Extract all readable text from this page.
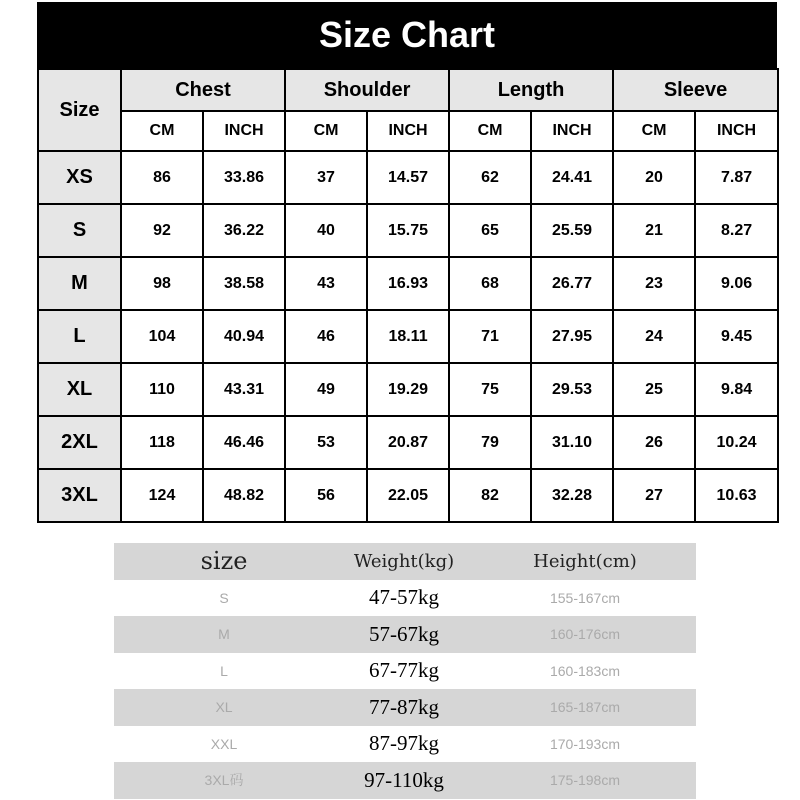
Size Chart
Size	Chest		Shoulder		Length		Sleeve	
	CM	INCH	CM	INCH	CM	INCH	CM	INCH
XS	86	33.86	37	14.57	62	24.41	20	7.87
S	92	36.22	40	15.75	65	25.59	21	8.27
M	98	38.58	43	16.93	68	26.77	23	9.06
L	104	40.94	46	18.11	71	27.95	24	9.45
XL	110	43.31	49	19.29	75	29.53	25	9.84
2XL	118	46.46	53	20.87	79	31.10	26	10.24
3XL	124	48.82	56	22.05	82	32.28	27	10.63
size	Weight(kg)	Height(cm)
S	47-57kg	155-167cm
M	57-67kg	160-176cm
L	67-77kg	160-183cm
XL	77-87kg	165-187cm
XXL	87-97kg	170-193cm
3XL码	97-110kg	175-198cm
